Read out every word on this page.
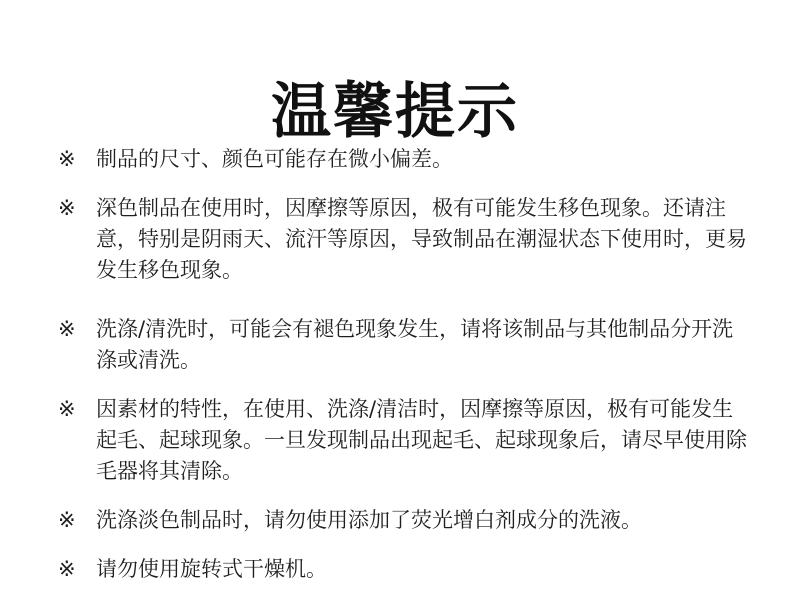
温馨提示
※ 制品的尺寸、颜色可能存在微小偏差。
※ 深色制品在使用时，因摩擦等原因，极有可能发生移色现象。还请注意，特别是阴雨天、流汗等原因，导致制品在潮湿状态下使用时，更易发生移色现象。
※ 洗涤/清洗时，可能会有褪色现象发生，请将该制品与其他制品分开洗涤或清洗。
※ 因素材的特性，在使用、洗涤/清洁时，因摩擦等原因，极有可能发生起毛、起球现象。一旦发现制品出现起毛、起球现象后，请尽早使用除毛器将其清除。
※ 洗涤淡色制品时，请勿使用添加了荧光增白剂成分的洗液。
※ 请勿使用旋转式干燥机。
